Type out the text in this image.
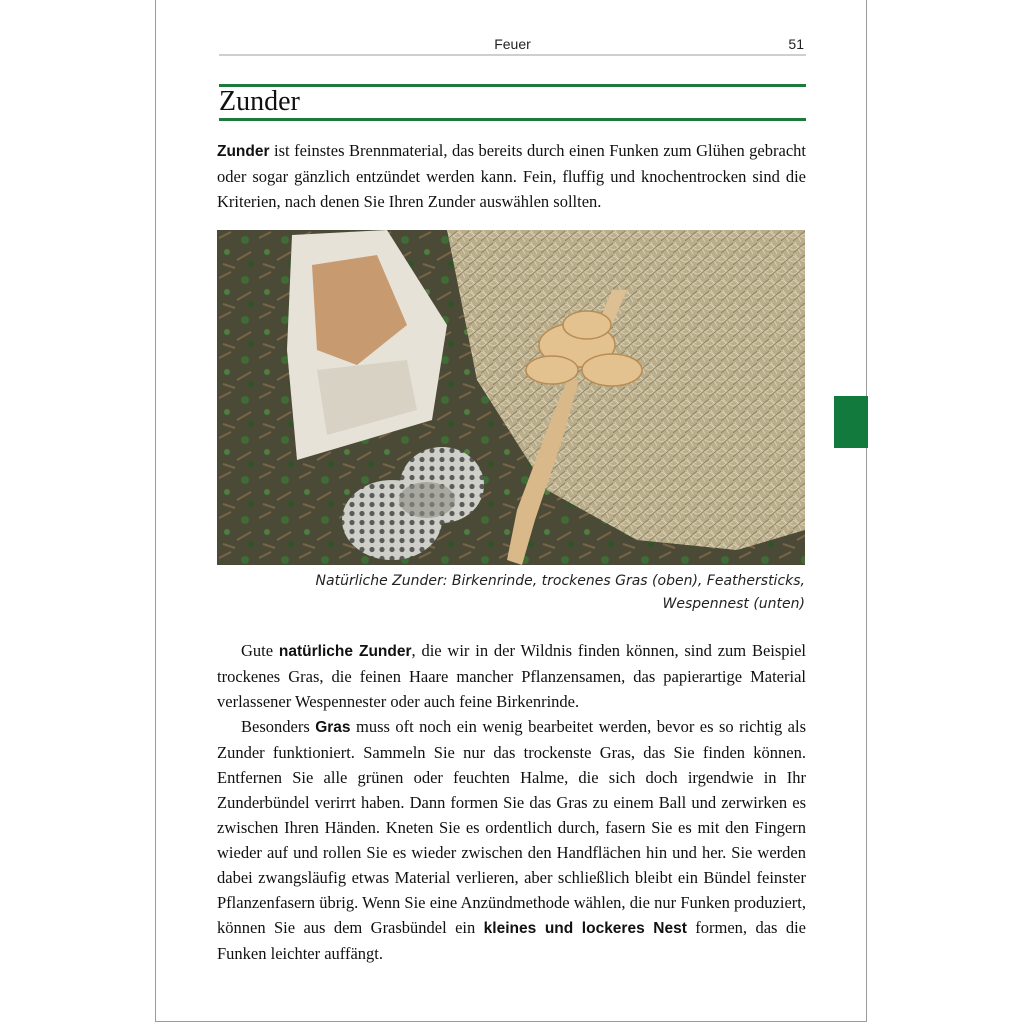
Feuer	51
Zunder

Zunder ist feinstes Brennmaterial, das bereits durch einen Funken zum Glühen gebracht oder sogar gänzlich entzündet werden kann. Fein, fluffig und knochentrocken sind die Kriterien, nach denen Sie Ihren Zunder auswählen sollten.

Natürliche Zunder: Birkenrinde, trockenes Gras (oben), Feathersticks,
Wespennest (unten)

Gute natürliche Zunder, die wir in der Wildnis finden können, sind zum Beispiel trockenes Gras, die feinen Haare mancher Pflanzensamen, das papierartige Material verlassener Wespennester oder auch feine Birkenrinde.

Besonders Gras muss oft noch ein wenig bearbeitet werden, bevor es so richtig als Zunder funktioniert. Sammeln Sie nur das trockenste Gras, das Sie finden können. Entfernen Sie alle grünen oder feuchten Halme, die sich doch irgendwie in Ihr Zunderbündel verirrt haben. Dann formen Sie das Gras zu einem Ball und zerwirken es zwischen Ihren Händen. Kneten Sie es ordentlich durch, fasern Sie es mit den Fingern wieder auf und rollen Sie es wieder zwischen den Handflächen hin und her. Sie werden dabei zwangsläufig etwas Material verlieren, aber schließlich bleibt ein Bündel feinster Pflanzenfasern übrig. Wenn Sie eine Anzündmethode wählen, die nur Funken produziert, können Sie aus dem Grasbündel ein kleines und lockeres Nest formen, das die Funken leichter auffängt.
